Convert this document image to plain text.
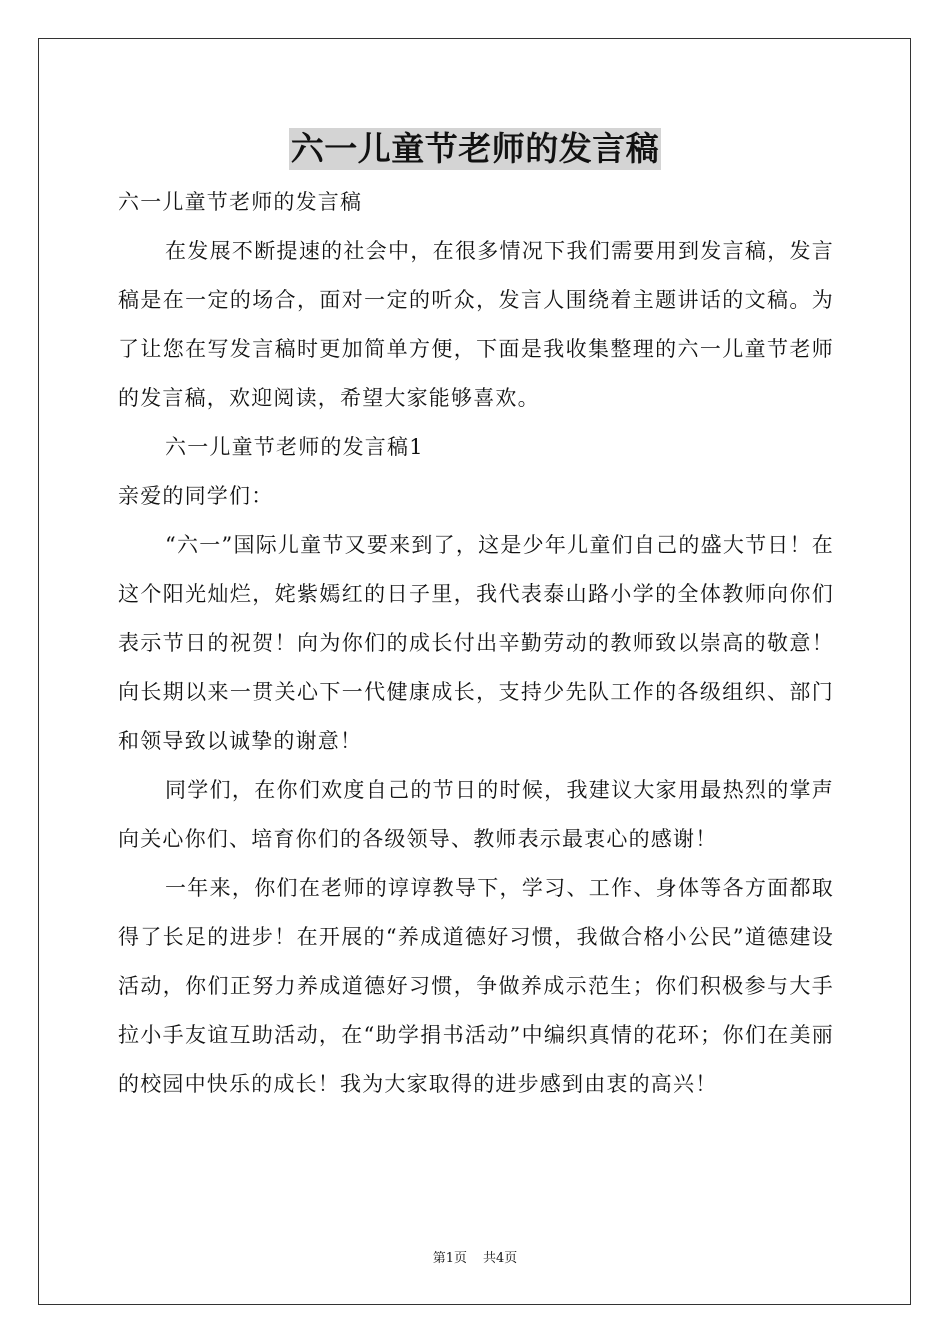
六一儿童节老师的发言稿

六一儿童节老师的发言稿

在发展不断提速的社会中，在很多情况下我们需要用到发言稿，发言稿是在一定的场合，面对一定的听众，发言人围绕着主题讲话的文稿。为了让您在写发言稿时更加简单方便，下面是我收集整理的六一儿童节老师的发言稿，欢迎阅读，希望大家能够喜欢。

六一儿童节老师的发言稿1

亲爱的同学们：

“六一”国际儿童节又要来到了，这是少年儿童们自己的盛大节日！在这个阳光灿烂，姹紫嫣红的日子里，我代表泰山路小学的全体教师向你们表示节日的祝贺！向为你们的成长付出辛勤劳动的教师致以崇高的敬意！向长期以来一贯关心下一代健康成长，支持少先队工作的各级组织、部门和领导致以诚挚的谢意！

同学们，在你们欢度自己的节日的时候，我建议大家用最热烈的掌声向关心你们、培育你们的各级领导、教师表示最衷心的感谢！

一年来，你们在老师的谆谆教导下，学习、工作、身体等各方面都取得了长足的进步！在开展的“养成道德好习惯，我做合格小公民”道德建设活动，你们正努力养成道德好习惯，争做养成示范生；你们积极参与大手拉小手友谊互助活动，在“助学捐书活动”中编织真情的花环；你们在美丽的校园中快乐的成长！我为大家取得的进步感到由衷的高兴！

第1页 共4页
